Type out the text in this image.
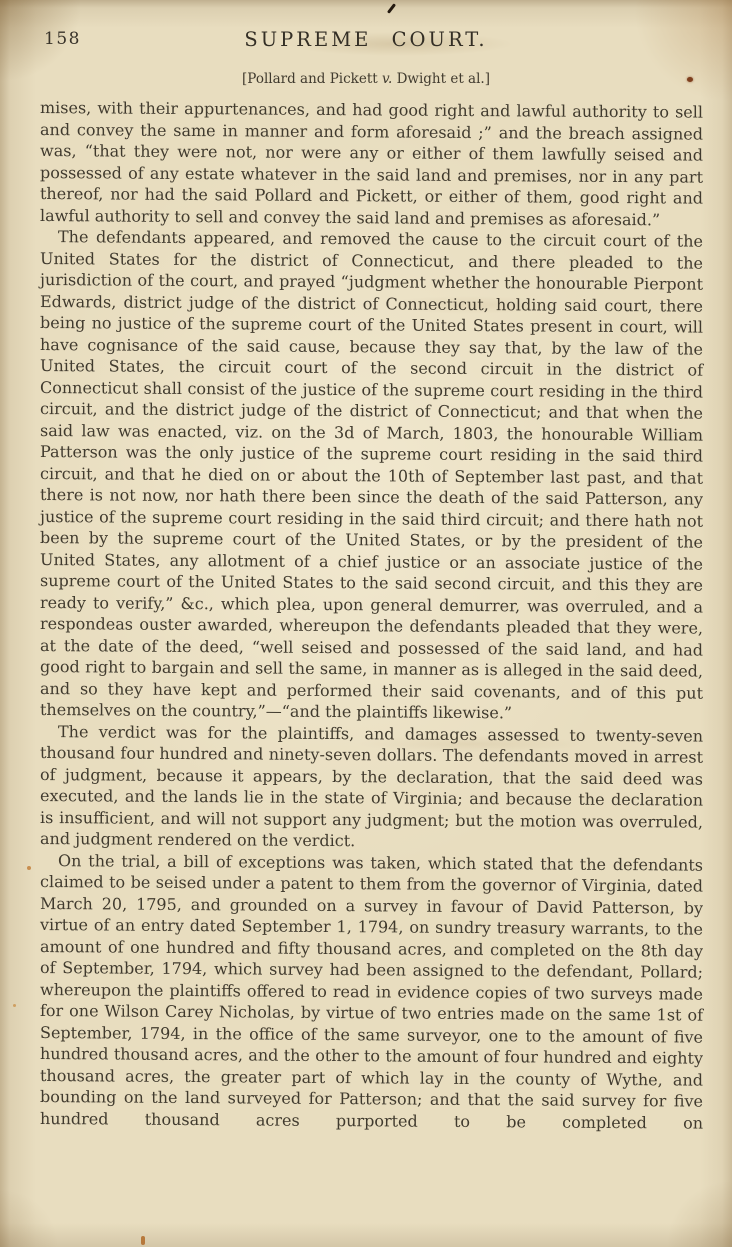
158	SUPREME COURT.
[Pollard and Pickett v. Dwight et al.]

mises, with their appurtenances, and had good right and lawful authority to sell and convey the same in manner and form aforesaid ;” and the breach assigned was, “that they were not, nor were any or either of them lawfully seised and possessed of any estate whatever in the said land and premises, nor in any part thereof, nor had the said Pollard and Pickett, or either of them, good right and lawful authority to sell and convey the said land and premises as aforesaid.”

The defendants appeared, and removed the cause to the circuit court of the United States for the district of Connecticut, and there pleaded to the jurisdiction of the court, and prayed “judgment whether the honourable Pierpont Edwards, district judge of the district of Connecticut, holding said court, there being no justice of the supreme court of the United States present in court, will have cognisance of the said cause, because they say that, by the law of the United States, the circuit court of the second circuit in the district of Connecticut shall consist of the justice of the supreme court residing in the third circuit, and the district judge of the district of Connecticut; and that when the said law was enacted, viz. on the 3d of March, 1803, the honourable William Patterson was the only justice of the supreme court residing in the said third circuit, and that he died on or about the 10th of September last past, and that there is not now, nor hath there been since the death of the said Patterson, any justice of the supreme court residing in the said third circuit; and there hath not been by the supreme court of the United States, or by the president of the United States, any allotment of a chief justice or an associate justice of the supreme court of the United States to the said second circuit, and this they are ready to verify,” &c., which plea, upon general demurrer, was overruled, and a respondeas ouster awarded, whereupon the defendants pleaded that they were, at the date of the deed, “well seised and possessed of the said land, and had good right to bargain and sell the same, in manner as is alleged in the said deed, and so they have kept and performed their said covenants, and of this put themselves on the country,”—“and the plaintiffs likewise.”

The verdict was for the plaintiffs, and damages assessed to twenty-seven thousand four hundred and ninety-seven dollars. The defendants moved in arrest of judgment, because it appears, by the declaration, that the said deed was executed, and the lands lie in the state of Virginia; and because the declaration is insufficient, and will not support any judgment; but the motion was overruled, and judgment rendered on the verdict.

On the trial, a bill of exceptions was taken, which stated that the defendants claimed to be seised under a patent to them from the governor of Virginia, dated March 20, 1795, and grounded on a survey in favour of David Patterson, by virtue of an entry dated September 1, 1794, on sundry treasury warrants, to the amount of one hundred and fifty thousand acres, and completed on the 8th day of September, 1794, which survey had been assigned to the defendant, Pollard; whereupon the plaintiffs offered to read in evidence copies of two surveys made for one Wilson Carey Nicholas, by virtue of two entries made on the same 1st of September, 1794, in the office of the same surveyor, one to the amount of five hundred thousand acres, and the other to the amount of four hundred and eighty thousand acres, the greater part of which lay in the county of Wythe, and bounding on the land surveyed for Patterson; and that the said survey for five hundred thousand acres purported to be completed on
